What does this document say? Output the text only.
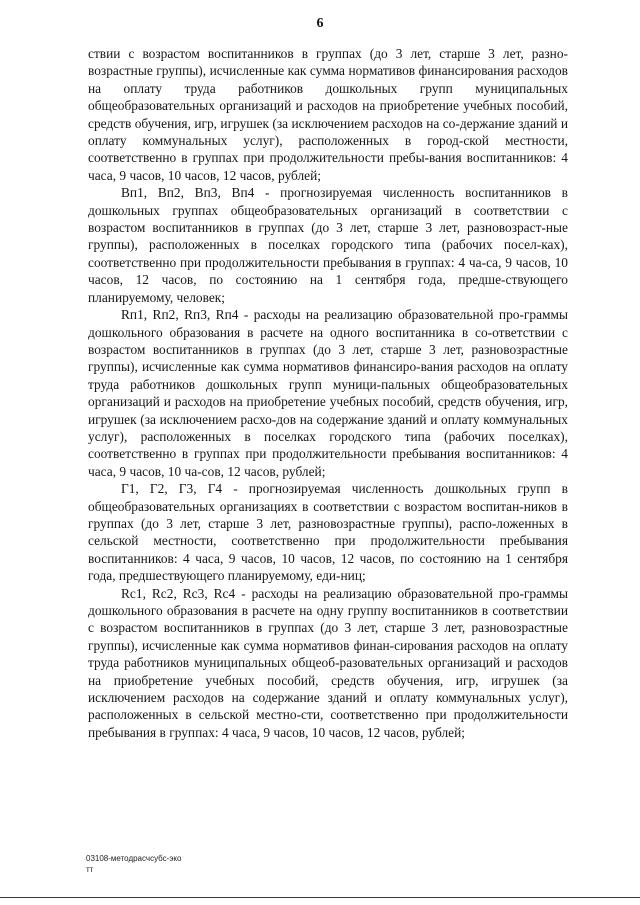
6

ствии с возрастом воспитанников в группах (до 3 лет, старше 3 лет, разно-возрастные группы), исчисленные как сумма нормативов финансирования расходов на оплату труда работников дошкольных групп муниципальных общеобразовательных организаций и расходов на приобретение учебных пособий, средств обучения, игр, игрушек (за исключением расходов на со-держание зданий и оплату коммунальных услуг), расположенных в город-ской местности, соответственно в группах при продолжительности пребы-вания воспитанников: 4 часа, 9 часов, 10 часов, 12 часов, рублей;

Вп1, Вп2, Вп3, Вп4 - прогнозируемая численность воспитанников в дошкольных группах общеобразовательных организаций в соответствии с возрастом воспитанников в группах (до 3 лет, старше 3 лет, разновозраст-ные группы), расположенных в поселках городского типа (рабочих посел-ках), соответственно при продолжительности пребывания в группах: 4 ча-са, 9 часов, 10 часов, 12 часов, по состоянию на 1 сентября года, предше-ствующего планируемому, человек;

Rп1, Rп2, Rп3, Rп4 - расходы на реализацию образовательной про-граммы дошкольного образования в расчете на одного воспитанника в со-ответствии с возрастом воспитанников в группах (до 3 лет, старше 3 лет, разновозрастные группы), исчисленные как сумма нормативов финансиро-вания расходов на оплату труда работников дошкольных групп муници-пальных общеобразовательных организаций и расходов на приобретение учебных пособий, средств обучения, игр, игрушек (за исключением расхо-дов на содержание зданий и оплату коммунальных услуг), расположенных в поселках городского типа (рабочих поселках), соответственно в группах при продолжительности пребывания воспитанников: 4 часа, 9 часов, 10 ча-сов, 12 часов, рублей;

Г1, Г2, Г3, Г4 - прогнозируемая численность дошкольных групп в общеобразовательных организациях в соответствии с возрастом воспитан-ников в группах (до 3 лет, старше 3 лет, разновозрастные группы), распо-ложенных в сельской местности, соответственно при продолжительности пребывания воспитанников: 4 часа, 9 часов, 10 часов, 12 часов, по состоянию на 1 сентября года, предшествующего планируемому, еди-ниц;

Rc1, Rc2, Rc3, Rc4 - расходы на реализацию образовательной про-граммы дошкольного образования в расчете на одну группу воспитанников в соответствии с возрастом воспитанников в группах (до 3 лет, старше 3 лет, разновозрастные группы), исчисленные как сумма нормативов финан-сирования расходов на оплату труда работников муниципальных общеоб-разовательных организаций и расходов на приобретение учебных пособий, средств обучения, игр, игрушек (за исключением расходов на содержание зданий и оплату коммунальных услуг), расположенных в сельской местно-сти, соответственно при продолжительности пребывания в группах: 4 часа, 9 часов, 10 часов, 12 часов, рублей;

03108-методрасчсубс-эко
тт
